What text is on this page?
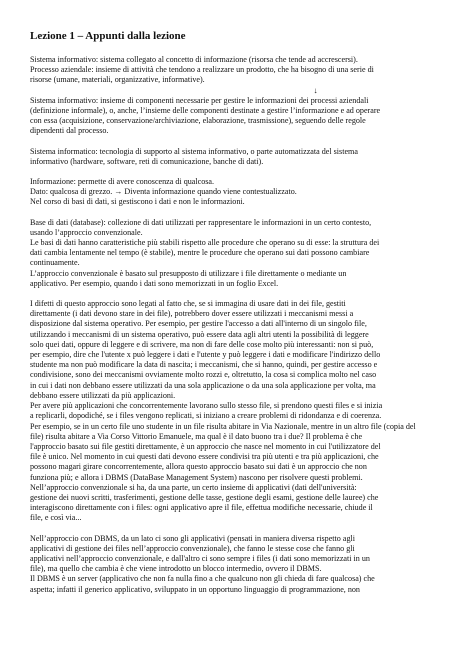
Lezione 1 – Appunti dalla lezione
Sistema informativo: sistema collegato al concetto di informazione (risorsa che tende ad accrescersi).
Processo aziendale: insieme di attività che tendono a realizzare un prodotto, che ha bisogno di una serie di
risorse (umane, materiali, organizzative, informative).
↓
Sistema informativo: insieme di componenti necessarie per gestire le informazioni dei processi aziendali
(definizione informale), o, anche, l’insieme delle componenti destinate a gestire l’informazione e ad operare
con essa (acquisizione, conservazione/archiviazione, elaborazione, trasmissione), seguendo delle regole
dipendenti dal processo.
Sistema informatico: tecnologia di supporto al sistema informativo, o parte automatizzata del sistema
informativo (hardware, software, reti di comunicazione, banche di dati).
Informazione: permette di avere conoscenza di qualcosa.
Dato: qualcosa di grezzo. → Diventa informazione quando viene contestualizzato.
Nel corso di basi di dati, si gestiscono i dati e non le informazioni.
Base di dati (database): collezione di dati utilizzati per rappresentare le informazioni in un certo contesto,
usando l’approccio convenzionale.
Le basi di dati hanno caratteristiche più stabili rispetto alle procedure che operano su di esse: la struttura dei
dati cambia lentamente nel tempo (è stabile), mentre le procedure che operano sui dati possono cambiare
continuamente.
L’approccio convenzionale è basato sul presupposto di utilizzare i file direttamente o mediante un
applicativo. Per esempio, quando i dati sono memorizzati in un foglio Excel.
I difetti di questo approccio sono legati al fatto che, se si immagina di usare dati in dei file, gestiti
direttamente (i dati devono stare in dei file), potrebbero dover essere utilizzati i meccanismi messi a
disposizione dal sistema operativo. Per esempio, per gestire l'accesso a dati all'interno di un singolo file,
utilizzando i meccanismi di un sistema operativo, può essere data agli altri utenti la possibilità di leggere
solo quei dati, oppure di leggere e di scrivere, ma non di fare delle cose molto più interessanti: non si può,
per esempio, dire che l'utente x può leggere i dati e l'utente y può leggere i dati e modificare l'indirizzo dello
studente ma non può modificare la data di nascita; i meccanismi, che si hanno, quindi, per gestire accesso e
condivisione, sono dei meccanismi ovviamente molto rozzi e, oltretutto, la cosa si complica molto nel caso
in cui i dati non debbano essere utilizzati da una sola applicazione o da una sola applicazione per volta, ma
debbano essere utilizzati da più applicazioni.
Per avere più applicazioni che concorrentemente lavorano sullo stesso file, si prendono questi files e si inizia
a replicarli, dopodiché, se i files vengono replicati, si iniziano a creare problemi di ridondanza e di coerenza.
Per esempio, se in un certo file uno studente in un file risulta abitare in Via Nazionale, mentre in un altro file (copia del
file) risulta abitare a Via Corso Vittorio Emanuele, ma qual è il dato buono tra i due? Il problema è che
l'approccio basato sui file gestiti direttamente, è un approccio che nasce nel momento in cui l'utilizzatore del
file è unico. Nel momento in cui questi dati devono essere condivisi tra più utenti e tra più applicazioni, che
possono magari girare concorrentemente, allora questo approccio basato sui dati è un approccio che non
funziona più; e allora i DBMS (DataBase Management System) nascono per risolvere questi problemi.
Nell’approccio convenzionale si ha, da una parte, un certo insieme di applicativi (dati dell'università:
gestione dei nuovi scritti, trasferimenti, gestione delle tasse, gestione degli esami, gestione delle lauree) che
interagiscono direttamente con i files: ogni applicativo apre il file, effettua modifiche necessarie, chiude il
file, e così via...
Nell’approccio con DBMS, da un lato ci sono gli applicativi (pensati in maniera diversa rispetto agli
applicativi di gestione dei files nell’approccio convenzionale), che fanno le stesse cose che fanno gli
applicativi nell’approccio convenzionale, e dall'altro ci sono sempre i files (i dati sono memorizzati in un
file), ma quello che cambia è che viene introdotto un blocco intermedio, ovvero il DBMS.
Il DBMS è un server (applicativo che non fa nulla fino a che qualcuno non gli chieda di fare qualcosa) che
aspetta; infatti il generico applicativo, sviluppato in un opportuno linguaggio di programmazione, non
